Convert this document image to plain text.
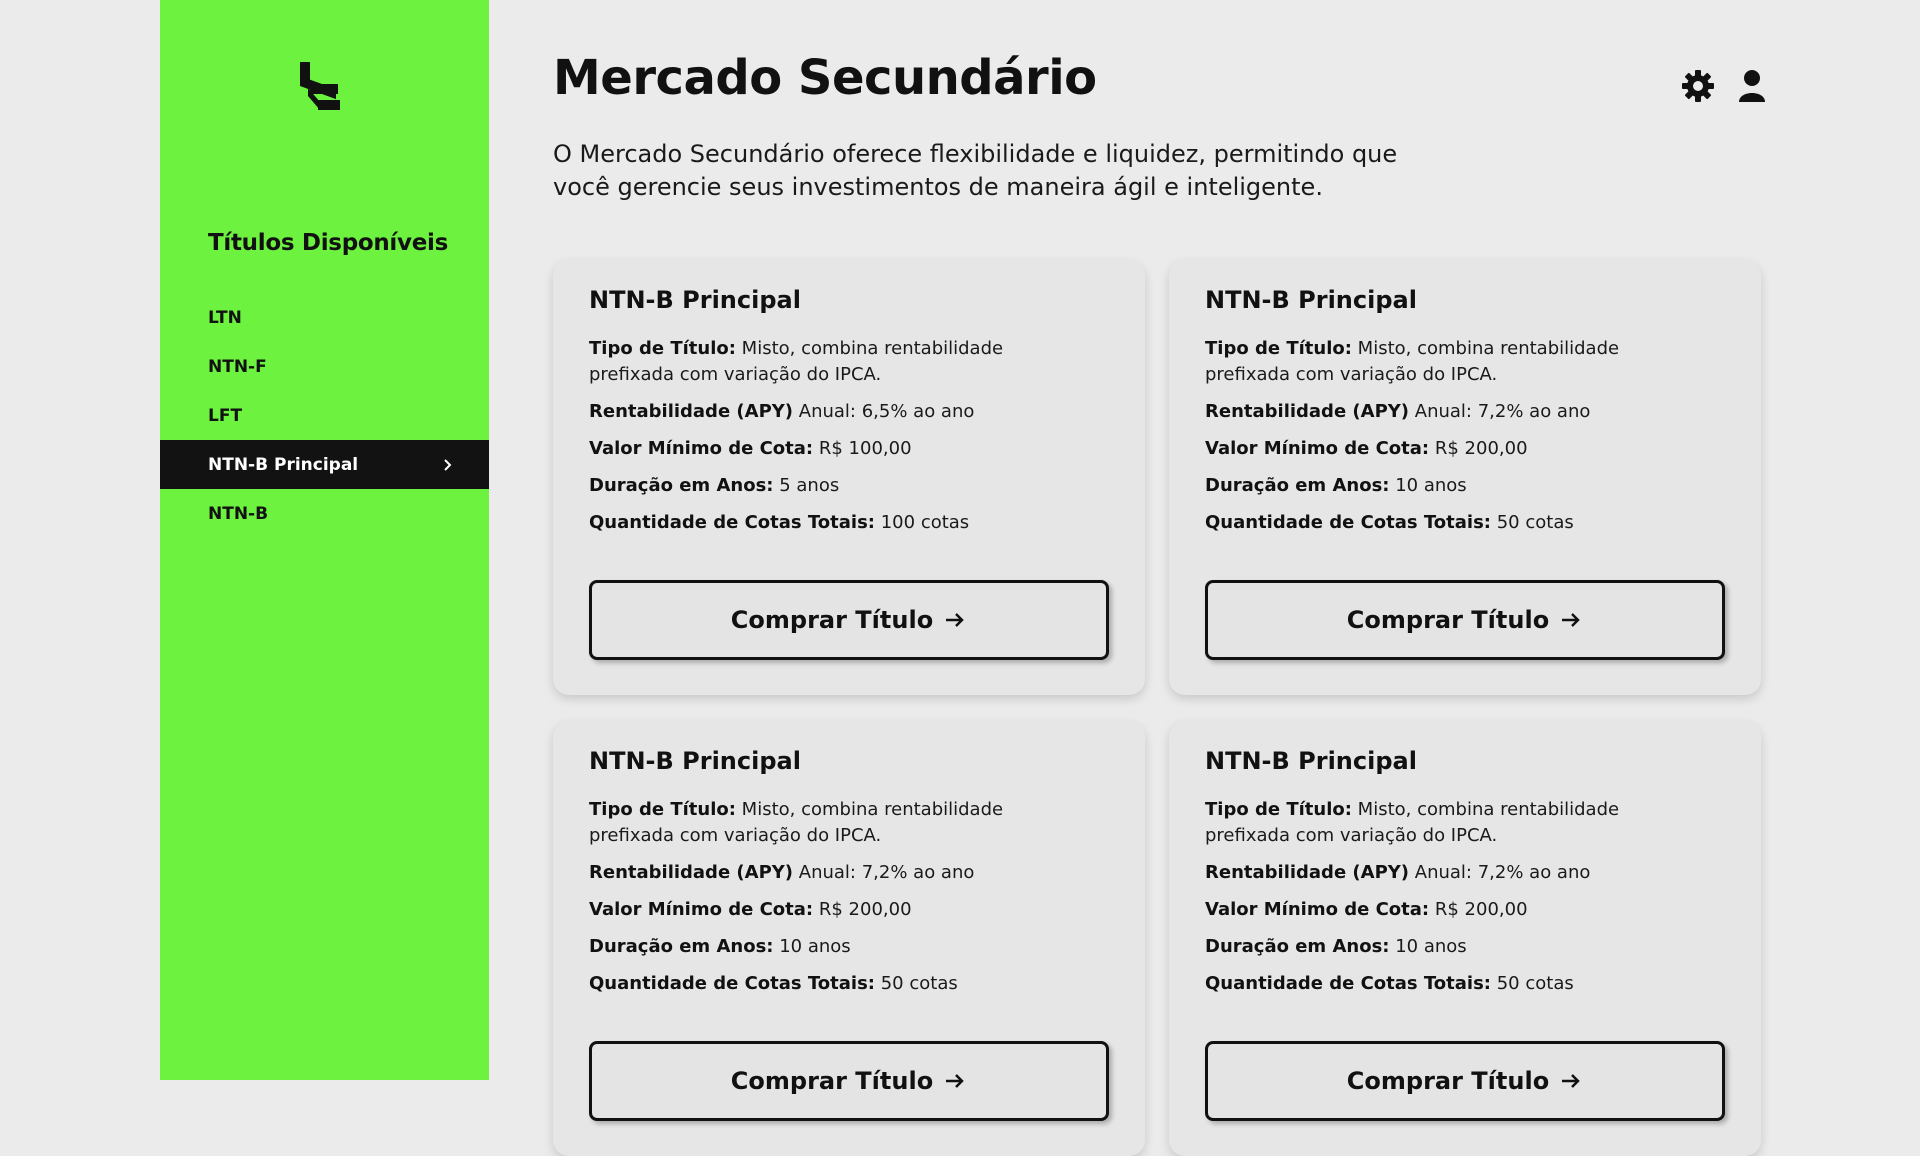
Títulos Disponíveis
LTN
NTN-F
LFT
NTN-B Principal
NTN-B
Mercado Secundário

O Mercado Secundário oferece flexibilidade e liquidez, permitindo que você gerencie seus investimentos de maneira ágil e inteligente.

NTN-B Principal

Tipo de Título: Misto, combina rentabilidade prefixada com variação do IPCA.

Rentabilidade (APY) Anual: 6,5% ao ano

Valor Mínimo de Cota: R$ 100,00

Duração em Anos: 5 anos

Quantidade de Cotas Totais: 100 cotas

Comprar Título
NTN-B Principal

Tipo de Título: Misto, combina rentabilidade prefixada com variação do IPCA.

Rentabilidade (APY) Anual: 7,2% ao ano

Valor Mínimo de Cota: R$ 200,00

Duração em Anos: 10 anos

Quantidade de Cotas Totais: 50 cotas

Comprar Título
NTN-B Principal

Tipo de Título: Misto, combina rentabilidade prefixada com variação do IPCA.

Rentabilidade (APY) Anual: 7,2% ao ano

Valor Mínimo de Cota: R$ 200,00

Duração em Anos: 10 anos

Quantidade de Cotas Totais: 50 cotas

Comprar Título
NTN-B Principal

Tipo de Título: Misto, combina rentabilidade prefixada com variação do IPCA.

Rentabilidade (APY) Anual: 7,2% ao ano

Valor Mínimo de Cota: R$ 200,00

Duração em Anos: 10 anos

Quantidade de Cotas Totais: 50 cotas

Comprar Título
